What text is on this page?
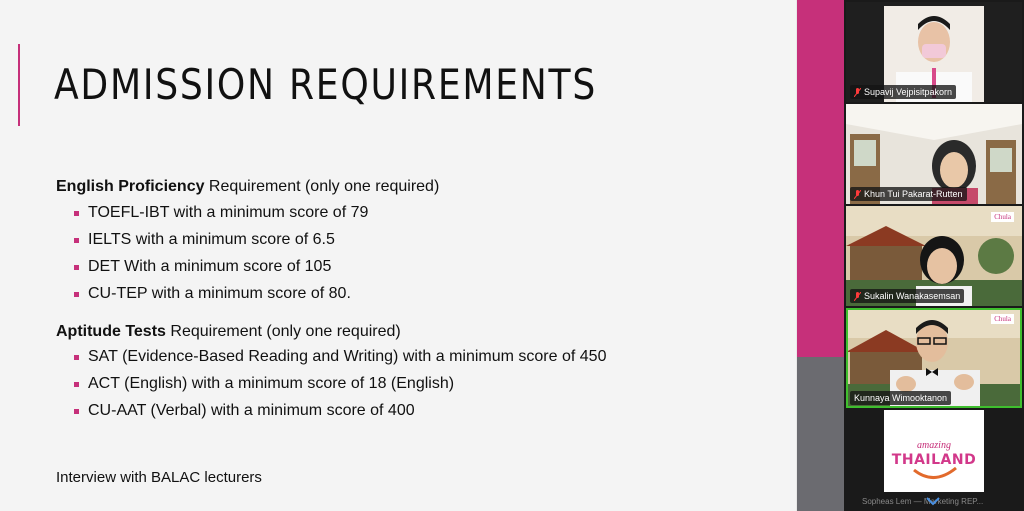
ADMISSION REQUIREMENTS
English Proficiency Requirement (only one required)
TOEFL-IBT with a minimum score of 79
IELTS with a minimum score of 6.5
DET With a minimum score of 105
CU-TEP with a minimum score of 80.
Aptitude Tests Requirement (only one required)
SAT (Evidence-Based Reading and Writing) with a minimum score of 450
ACT (English) with a minimum score of 18 (English)
CU-AAT (Verbal) with a minimum score of 400
Interview with BALAC lecturers
Supavij Vejpisitpakorn
Khun Tui Pakarat-Rutten
Chula
Sukalin Wanakasemsan
Chula
Kunnaya Wimooktanon
amazing
THAILAND
Sopheas Lem — Marketing REP...
